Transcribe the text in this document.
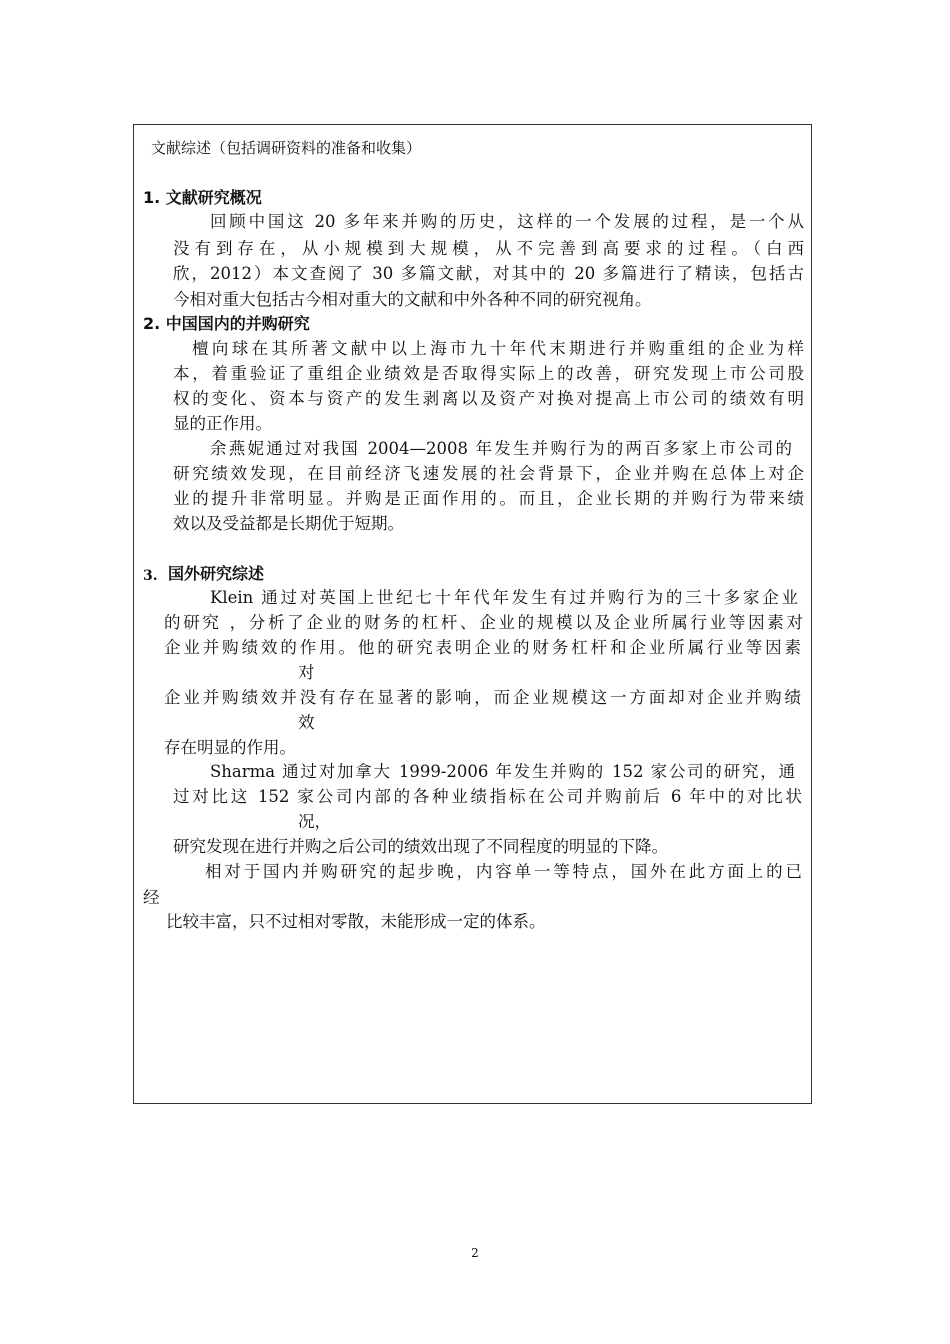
文献综述（包括调研资料的准备和收集）
1. 文献研究概况
回顾中国这 20 多年来并购的历史，这样的一个发展的过程，是一个从
没有到存在，从小规模到大规模，从不完善到高要求的过程。（白西
欣，2012）本文查阅了 30 多篇文献，对其中的 20 多篇进行了精读，包括古
今相对重大包括古今相对重大的文献和中外各种不同的研究视角。
2. 中国国内的并购研究
檀向球在其所著文献中以上海市九十年代末期进行并购重组的企业为样
本，着重验证了重组企业绩效是否取得实际上的改善，研究发现上市公司股
权的变化、资本与资产的发生剥离以及资产对换对提高上市公司的绩效有明
显的正作用。
余燕妮通过对我国 2004—2008 年发生并购行为的两百多家上市公司的
研究绩效发现，在目前经济飞速发展的社会背景下，企业并购在总体上对企
业的提升非常明显。并购是正面作用的。而且，企业长期的并购行为带来绩
效以及受益都是长期优于短期。
3. 国外研究综述
Klein 通过对英国上世纪七十年代年发生有过并购行为的三十多家企业
的研究 ，分析了企业的财务的杠杆、企业的规模以及企业所属行业等因素对
企业并购绩效的作用。他的研究表明企业的财务杠杆和企业所属行业等因素
对
企业并购绩效并没有存在显著的影响，而企业规模这一方面却对企业并购绩
效
存在明显的作用。
Sharma 通过对加拿大 1999-2006 年发生并购的 152 家公司的研究，通
过对比这 152 家公司内部的各种业绩指标在公司并购前后 6 年中的对比状
况，
研究发现在进行并购之后公司的绩效出现了不同程度的明显的下降。
相对于国内并购研究的起步晚，内容单一等特点，国外在此方面上的已
经
比较丰富，只不过相对零散，未能形成一定的体系。
2
